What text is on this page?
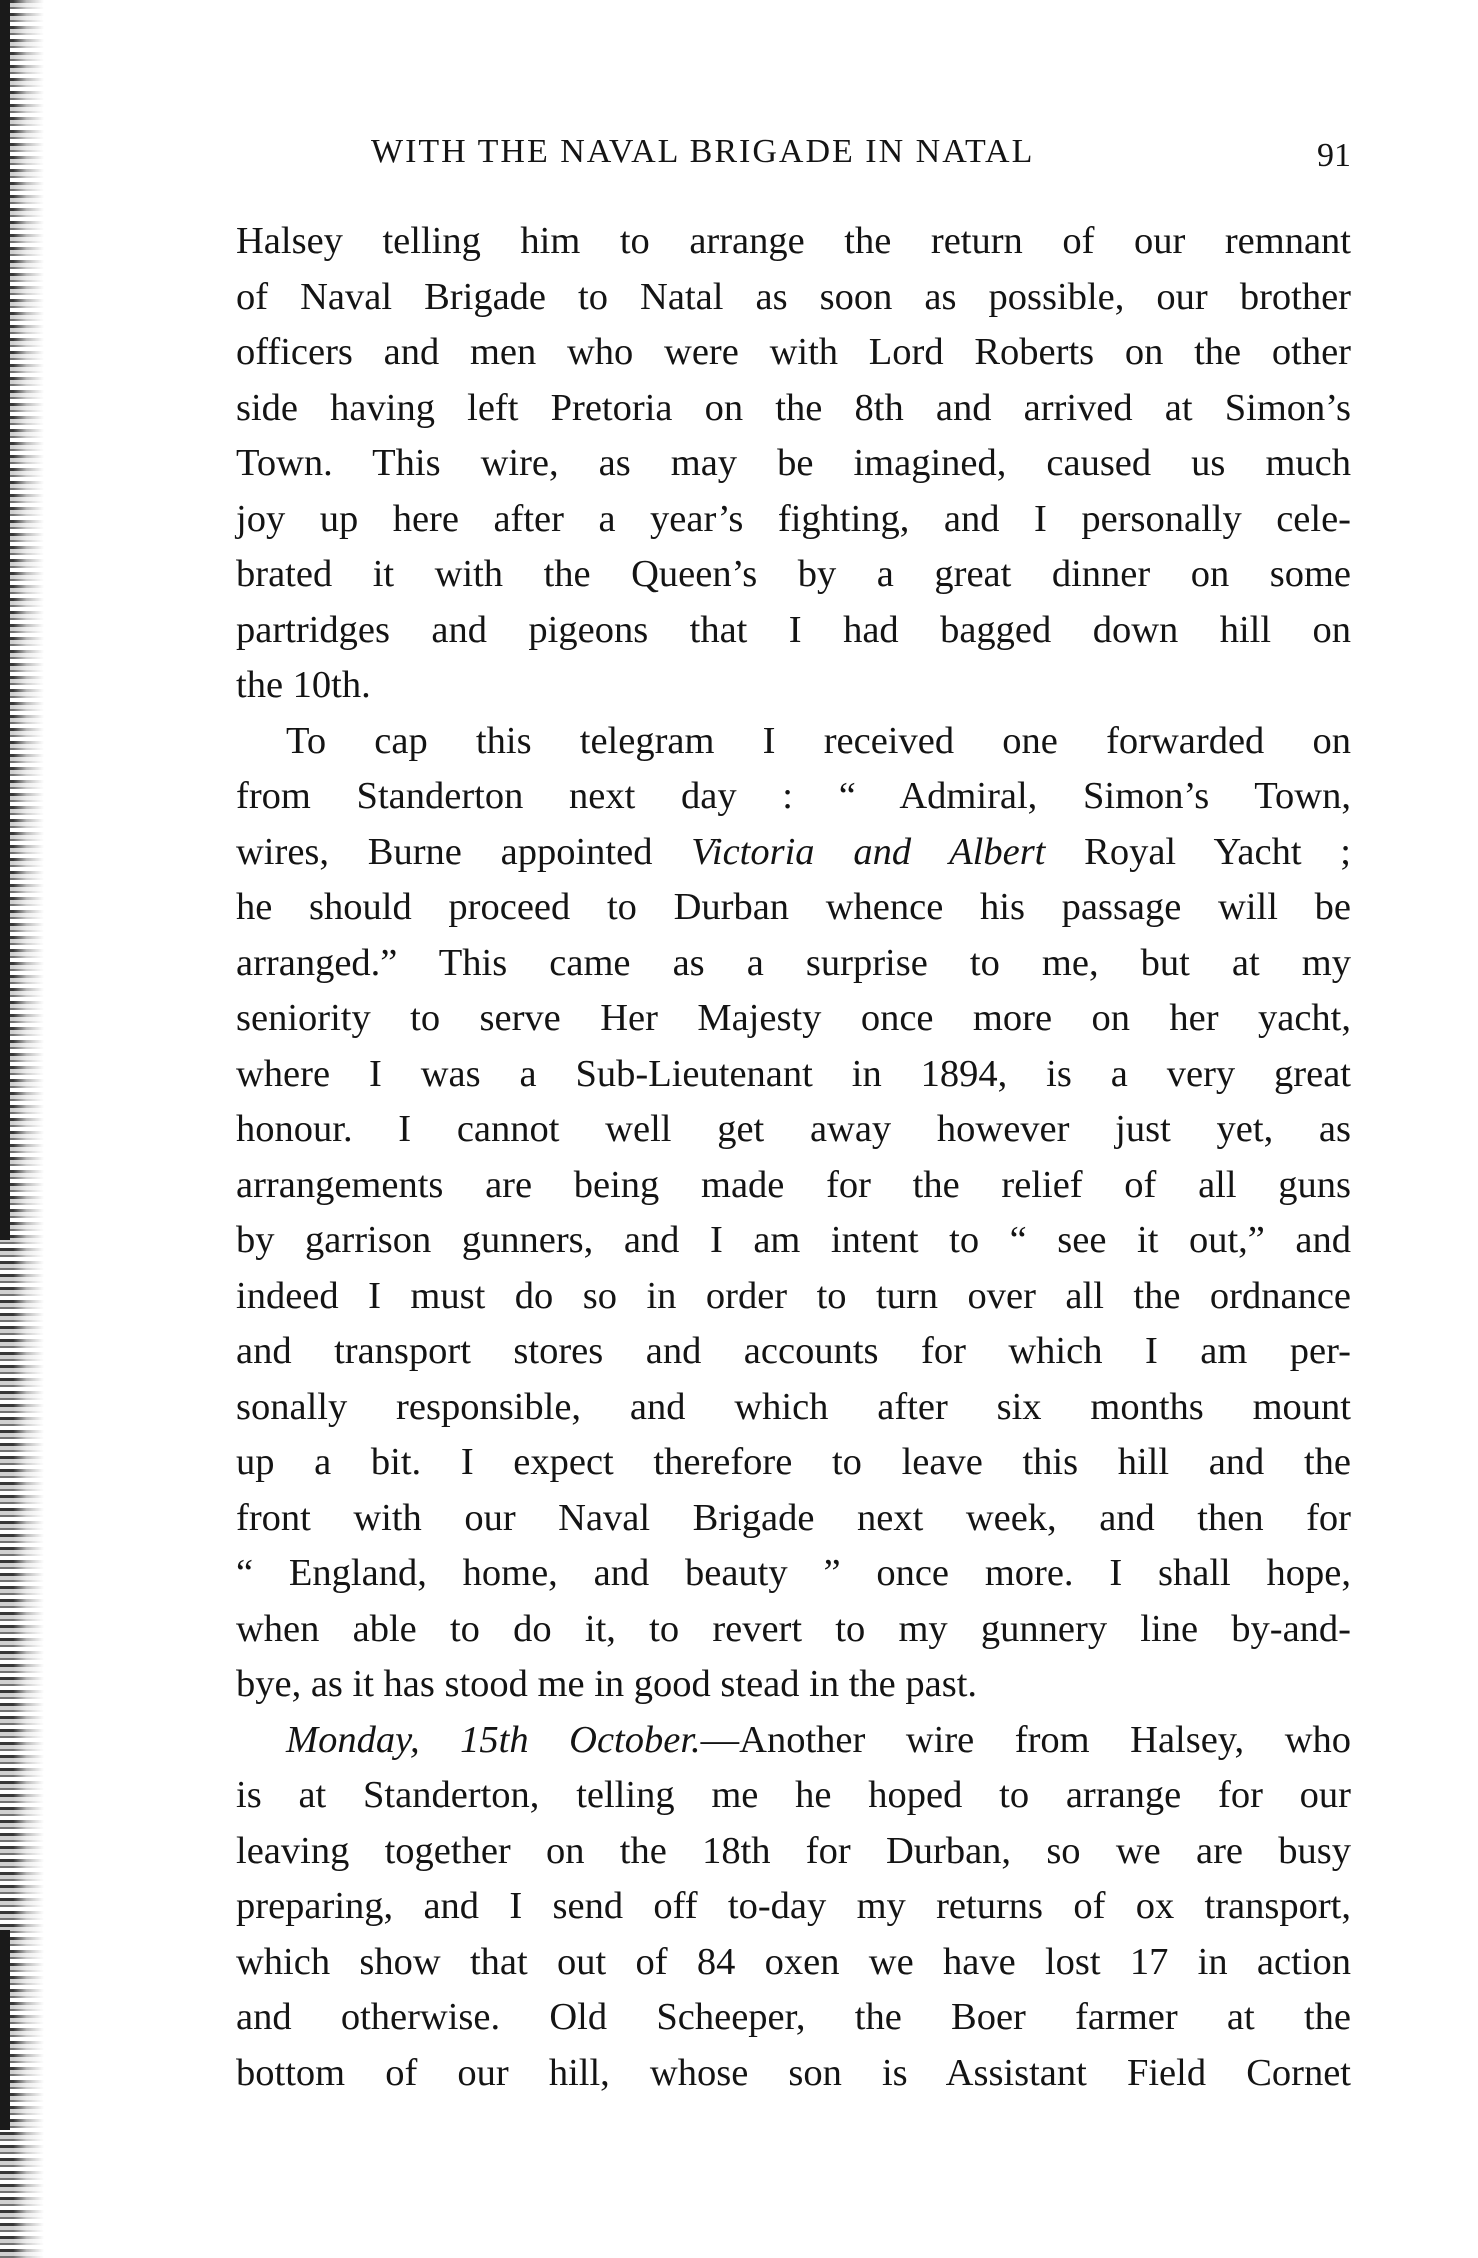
WITH THE NAVAL BRIGADE IN NATAL	91
Halsey telling him to arrange the return of our remnant
of Naval Brigade to Natal as soon as possible, our brother
officers and men who were with Lord Roberts on the other
side having left Pretoria on the 8th and arrived at Simon’s
Town. This wire, as may be imagined, caused us much
joy up here after a year’s fighting, and I personally cele-
brated it with the Queen’s by a great dinner on some
partridges and pigeons that I had bagged down hill on
the 10th.
To cap this telegram I received one forwarded on
from Standerton next day : “ Admiral, Simon’s Town,
wires, Burne appointed Victoria and Albert Royal Yacht ;
he should proceed to Durban whence his passage will be
arranged.” This came as a surprise to me, but at my
seniority to serve Her Majesty once more on her yacht,
where I was a Sub-Lieutenant in 1894, is a very great
honour. I cannot well get away however just yet, as
arrangements are being made for the relief of all guns
by garrison gunners, and I am intent to “ see it out,” and
indeed I must do so in order to turn over all the ordnance
and transport stores and accounts for which I am per-
sonally responsible, and which after six months mount
up a bit. I expect therefore to leave this hill and the
front with our Naval Brigade next week, and then for
“ England, home, and beauty ” once more. I shall hope,
when able to do it, to revert to my gunnery line by-and-
bye, as it has stood me in good stead in the past.
Monday, 15th October.—Another wire from Halsey, who
is at Standerton, telling me he hoped to arrange for our
leaving together on the 18th for Durban, so we are busy
preparing, and I send off to-day my returns of ox transport,
which show that out of 84 oxen we have lost 17 in action
and otherwise. Old Scheeper, the Boer farmer at the
bottom of our hill, whose son is Assistant Field Cornet
